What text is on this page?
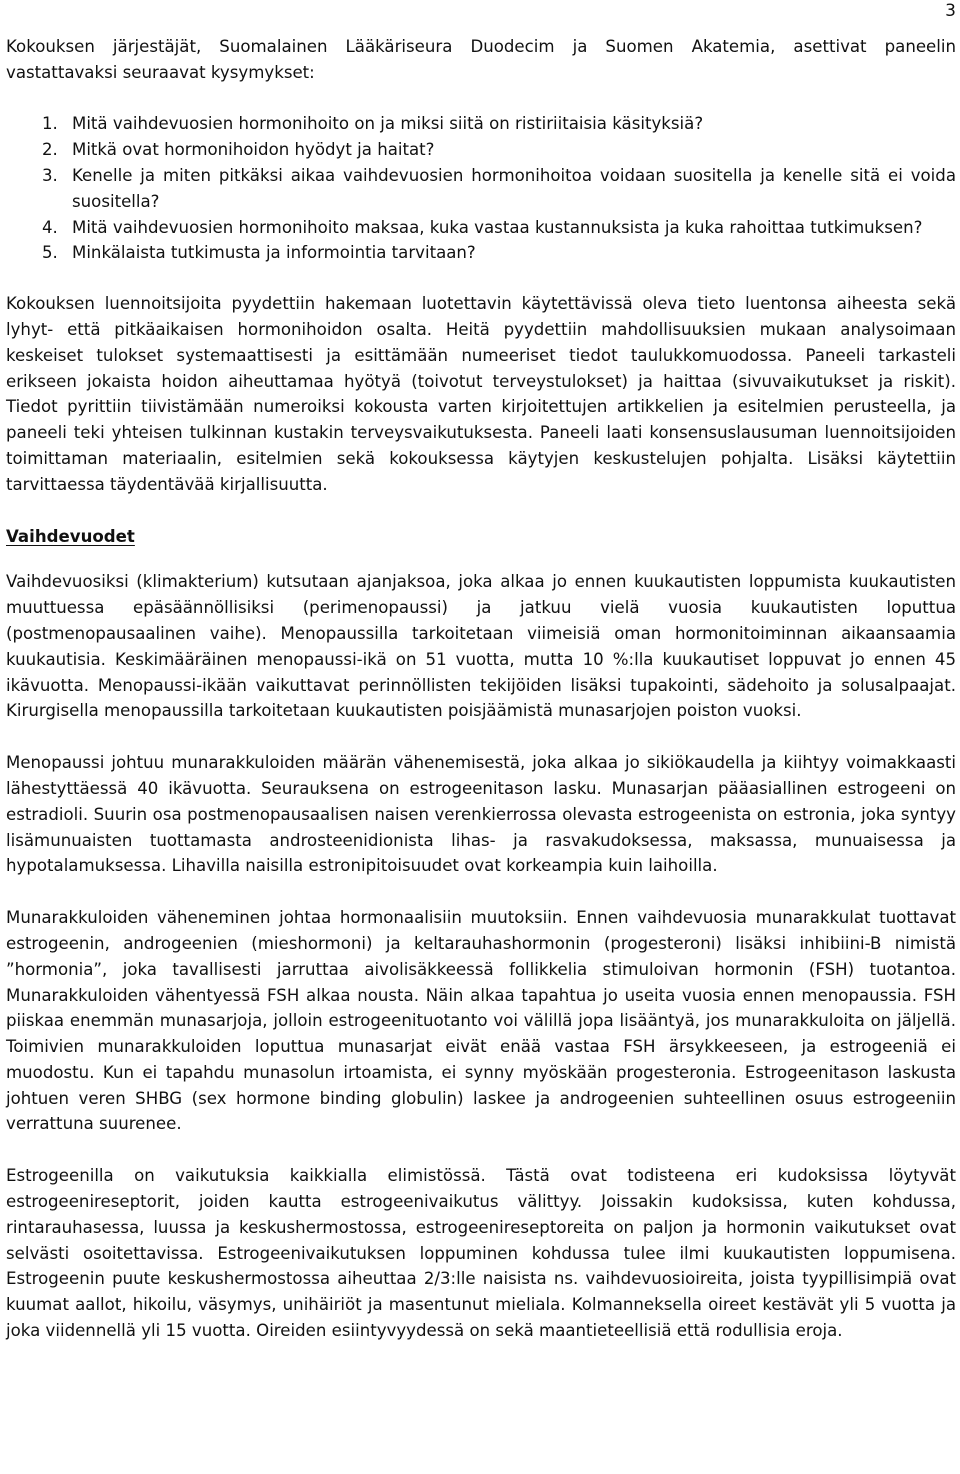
3

Kokouksen järjestäjät, Suomalainen Lääkäriseura Duodecim ja Suomen Akatemia, asettivat paneelin vastattavaksi seuraavat kysymykset:

1. Mitä vaihdevuosien hormonihoito on ja miksi siitä on ristiriitaisia käsityksiä?
2. Mitkä ovat hormonihoidon hyödyt ja haitat?
3. Kenelle ja miten pitkäksi aikaa vaihdevuosien hormonihoitoa voidaan suositella ja kenelle sitä ei voida suositella?
4. Mitä vaihdevuosien hormonihoito maksaa, kuka vastaa kustannuksista ja kuka rahoittaa tutkimuksen?
5. Minkälaista tutkimusta ja informointia tarvitaan?

Kokouksen luennoitsijoita pyydettiin hakemaan luotettavin käytettävissä oleva tieto luentonsa aiheesta sekä lyhyt- että pitkäaikaisen hormonihoidon osalta. Heitä pyydettiin mahdollisuuksien mukaan analysoimaan keskeiset tulokset systemaattisesti ja esittämään numeeriset tiedot taulukkomuodossa. Paneeli tarkasteli erikseen jokaista hoidon aiheuttamaa hyötyä (toivotut terveystulokset) ja haittaa (sivuvaikutukset ja riskit). Tiedot pyrittiin tiivistämään numeroiksi kokousta varten kirjoitettujen artikkelien ja esitelmien perusteella, ja paneeli teki yhteisen tulkinnan kustakin terveysvaikutuksesta. Paneeli laati konsensuslausuman luennoitsijoiden toimittaman materiaalin, esitelmien sekä kokouksessa käytyjen keskustelujen pohjalta. Lisäksi käytettiin tarvittaessa täydentävää kirjallisuutta.

Vaihdevuodet

Vaihdevuosiksi (klimakterium) kutsutaan ajanjaksoa, joka alkaa jo ennen kuukautisten loppumista kuukautisten muuttuessa epäsäännöllisiksi (perimenopaussi) ja jatkuu vielä vuosia kuukautisten loputtua (postmenopausaalinen vaihe). Menopaussilla tarkoitetaan viimeisiä oman hormonitoiminnan aikaansaamia kuukautisia. Keskimääräinen menopaussi-ikä on 51 vuotta, mutta 10 %:lla kuukautiset loppuvat jo ennen 45 ikävuotta. Menopaussi-ikään vaikuttavat perinnöllisten tekijöiden lisäksi tupakointi, sädehoito ja solusalpaajat. Kirurgisella menopaussilla tarkoitetaan kuukautisten poisjäämistä munasarjojen poiston vuoksi.

Menopaussi johtuu munarakkuloiden määrän vähenemisestä, joka alkaa jo sikiökaudella ja kiihtyy voimakkaasti lähestyttäessä 40 ikävuotta. Seurauksena on estrogeenitason lasku. Munasarjan pääasiallinen estrogeeni on estradioli. Suurin osa postmenopausaalisen naisen verenkierrossa olevasta estrogeenista on estronia, joka syntyy lisämunuaisten tuottamasta androsteenidionista lihas- ja rasvakudoksessa, maksassa, munuaisessa ja hypotalamuksessa. Lihavilla naisilla estronipitoisuudet ovat korkeampia kuin laihoilla.

Munarakkuloiden väheneminen johtaa hormonaalisiin muutoksiin. Ennen vaihdevuosia munarakkulat tuottavat estrogeenin, androgeenien (mieshormoni) ja keltarauhashormonin (progesteroni) lisäksi inhibiini-B nimistä ”hormonia”, joka tavallisesti jarruttaa aivolisäkkeessä follikkelia stimuloivan hormonin (FSH) tuotantoa. Munarakkuloiden vähentyessä FSH alkaa nousta. Näin alkaa tapahtua jo useita vuosia ennen menopaussia. FSH piiskaa enemmän munasarjoja, jolloin estrogeenituotanto voi välillä jopa lisääntyä, jos munarakkuloita on jäljellä. Toimivien munarakkuloiden loputtua munasarjat eivät enää vastaa FSH ärsykkeeseen, ja estrogeeniä ei muodostu. Kun ei tapahdu munasolun irtoamista, ei synny myöskään progesteronia. Estrogeenitason laskusta johtuen veren SHBG (sex hormone binding globulin) laskee ja androgeenien suhteellinen osuus estrogeeniin verrattuna suurenee.

Estrogeenilla on vaikutuksia kaikkialla elimistössä. Tästä ovat todisteena eri kudoksissa löytyvät estrogeenireseptorit, joiden kautta estrogeenivaikutus välittyy. Joissakin kudoksissa, kuten kohdussa, rintarauhasessa, luussa ja keskushermostossa, estrogeenireseptoreita on paljon ja hormonin vaikutukset ovat selvästi osoitettavissa. Estrogeenivaikutuksen loppuminen kohdussa tulee ilmi kuukautisten loppumisena. Estrogeenin puute keskushermostossa aiheuttaa 2/3:lle naisista ns. vaihdevuosioireita, joista tyypillisimpiä ovat kuumat aallot, hikoilu, väsymys, unihäiriöt ja masentunut mieliala. Kolmanneksella oireet kestävät yli 5 vuotta ja joka viidennellä yli 15 vuotta. Oireiden esiintyvyydessä on sekä maantieteellisiä että rodullisia eroja.
